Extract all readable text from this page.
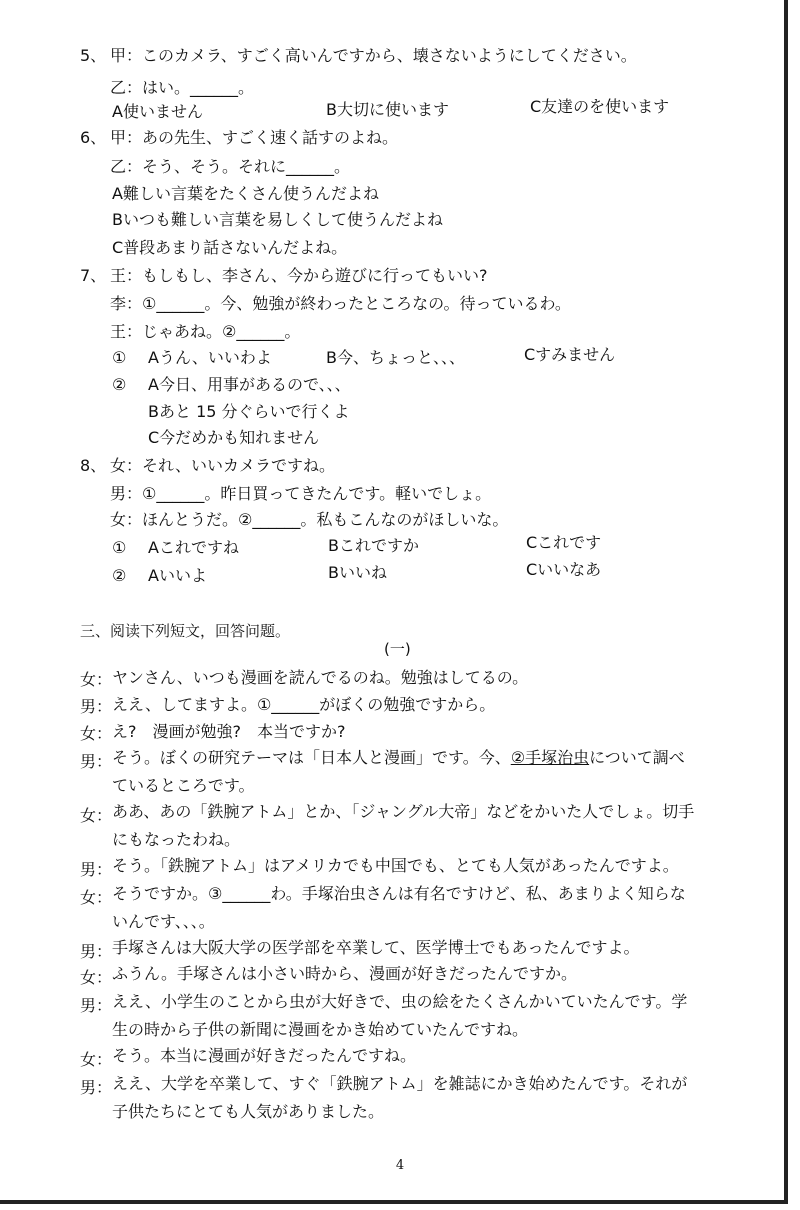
5、 甲：このカメラ、すごく高いんですから、壊さないようにしてください。
乙：はい。______。
A使いません	B大切に使います	C友達のを使います
6、 甲：あの先生、すごく速く話すのよね。
乙：そう、そう。それに______。
A難しい言葉をたくさん使うんだよね
Bいつも難しい言葉を易しくして使うんだよね
C普段あまり話さないんだよね。
7、 王：もしもし、李さん、今から遊びに行ってもいい?
李：①______。今、勉強が終わったところなの。待っているわ。
王：じゃあね。②______。
① Aうん、いいわよ	B今、ちょっと、、、	Cすみません
② A今日、用事があるので、、、
Bあと 15 分ぐらいで行くよ
C今だめかも知れません
8、 女：それ、いいカメラですね。
男：①______。昨日買ってきたんです。軽いでしょ。
女：ほんとうだ。②______。私もこんなのがほしいな。
① Aこれですね	Bこれですか	Cこれです
② Aいいよ	Bいいね	Cいいなあ
三、阅读下列短文，回答问题。
(一)
女： ヤンさん、いつも漫画を読んでるのね。勉強はしてるの。
男： ええ、してますよ。①______がぼくの勉強ですから。
女： え?　漫画が勉強?　本当ですか?
男： そう。ぼくの研究テーマは「日本人と漫画」です。今、②手塚治虫について調べ
ているところです。
女： ああ、あの「鉄腕アトム」とか、「ジャングル大帝」などをかいた人でしょ。切手
にもなったわね。
男： そう。「鉄腕アトム」はアメリカでも中国でも、とても人気があったんですよ。
女： そうですか。③______わ。手塚治虫さんは有名ですけど、私、あまりよく知らな
いんです、、、。
男： 手塚さんは大阪大学の医学部を卒業して、医学博士でもあったんですよ。
女： ふうん。手塚さんは小さい時から、漫画が好きだったんですか。
男： ええ、小学生のことから虫が大好きで、虫の絵をたくさんかいていたんです。学
生の時から子供の新聞に漫画をかき始めていたんですね。
女： そう。本当に漫画が好きだったんですね。
男： ええ、大学を卒業して、すぐ「鉄腕アトム」を雑誌にかき始めたんです。それが
子供たちにとても人気がありました。
4
